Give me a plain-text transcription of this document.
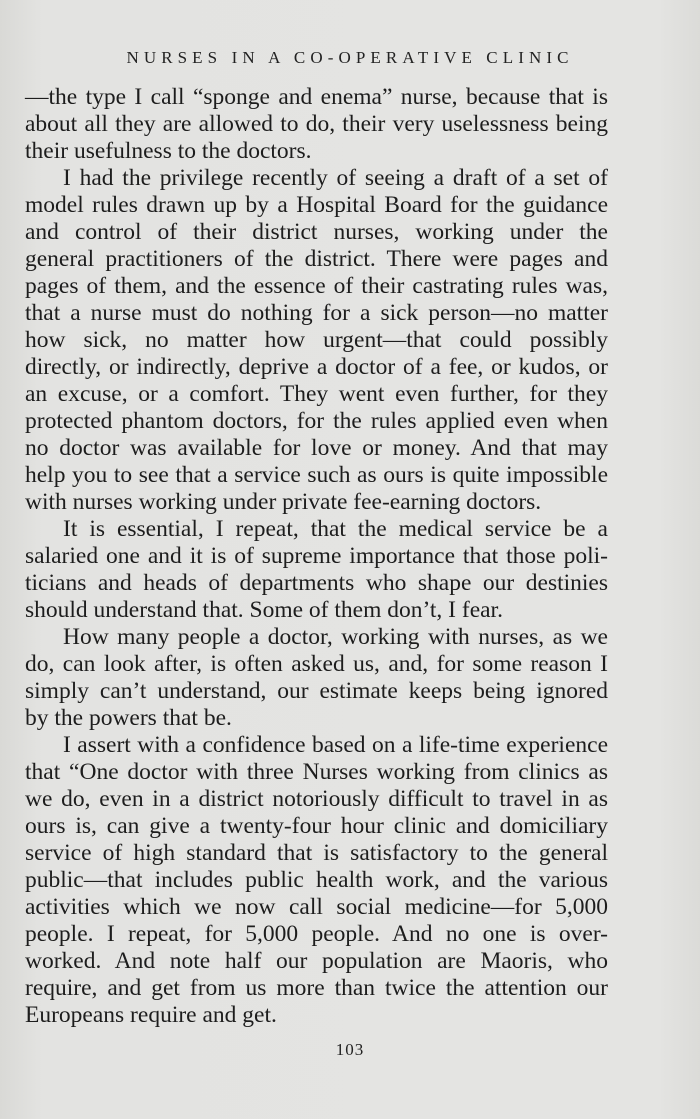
NURSES IN A CO-OPERATIVE CLINIC
—the type I call “sponge and enema” nurse, because that is
about all they are allowed to do, their very uselessness being
their usefulness to the doctors.
I had the privilege recently of seeing a draft of a set of
model rules drawn up by a Hospital Board for the guidance
and control of their district nurses, working under the
general practitioners of the district. There were pages and
pages of them, and the essence of their castrating rules was,
that a nurse must do nothing for a sick person—no matter
how sick, no matter how urgent—that could possibly
directly, or indirectly, deprive a doctor of a fee, or kudos, or
an excuse, or a comfort. They went even further, for they
protected phantom doctors, for the rules applied even when
no doctor was available for love or money. And that may
help you to see that a service such as ours is quite impossible
with nurses working under private fee-earning doctors.
It is essential, I repeat, that the medical service be a
salaried one and it is of supreme importance that those poli-
ticians and heads of departments who shape our destinies
should understand that. Some of them don’t, I fear.
How many people a doctor, working with nurses, as we
do, can look after, is often asked us, and, for some reason I
simply can’t understand, our estimate keeps being ignored
by the powers that be.
I assert with a confidence based on a life-time experience
that “One doctor with three Nurses working from clinics as
we do, even in a district notoriously difficult to travel in as
ours is, can give a twenty-four hour clinic and domiciliary
service of high standard that is satisfactory to the general
public—that includes public health work, and the various
activities which we now call social medicine—for 5,000
people. I repeat, for 5,000 people. And no one is over-
worked. And note half our population are Maoris, who
require, and get from us more than twice the attention our
Europeans require and get.
103
